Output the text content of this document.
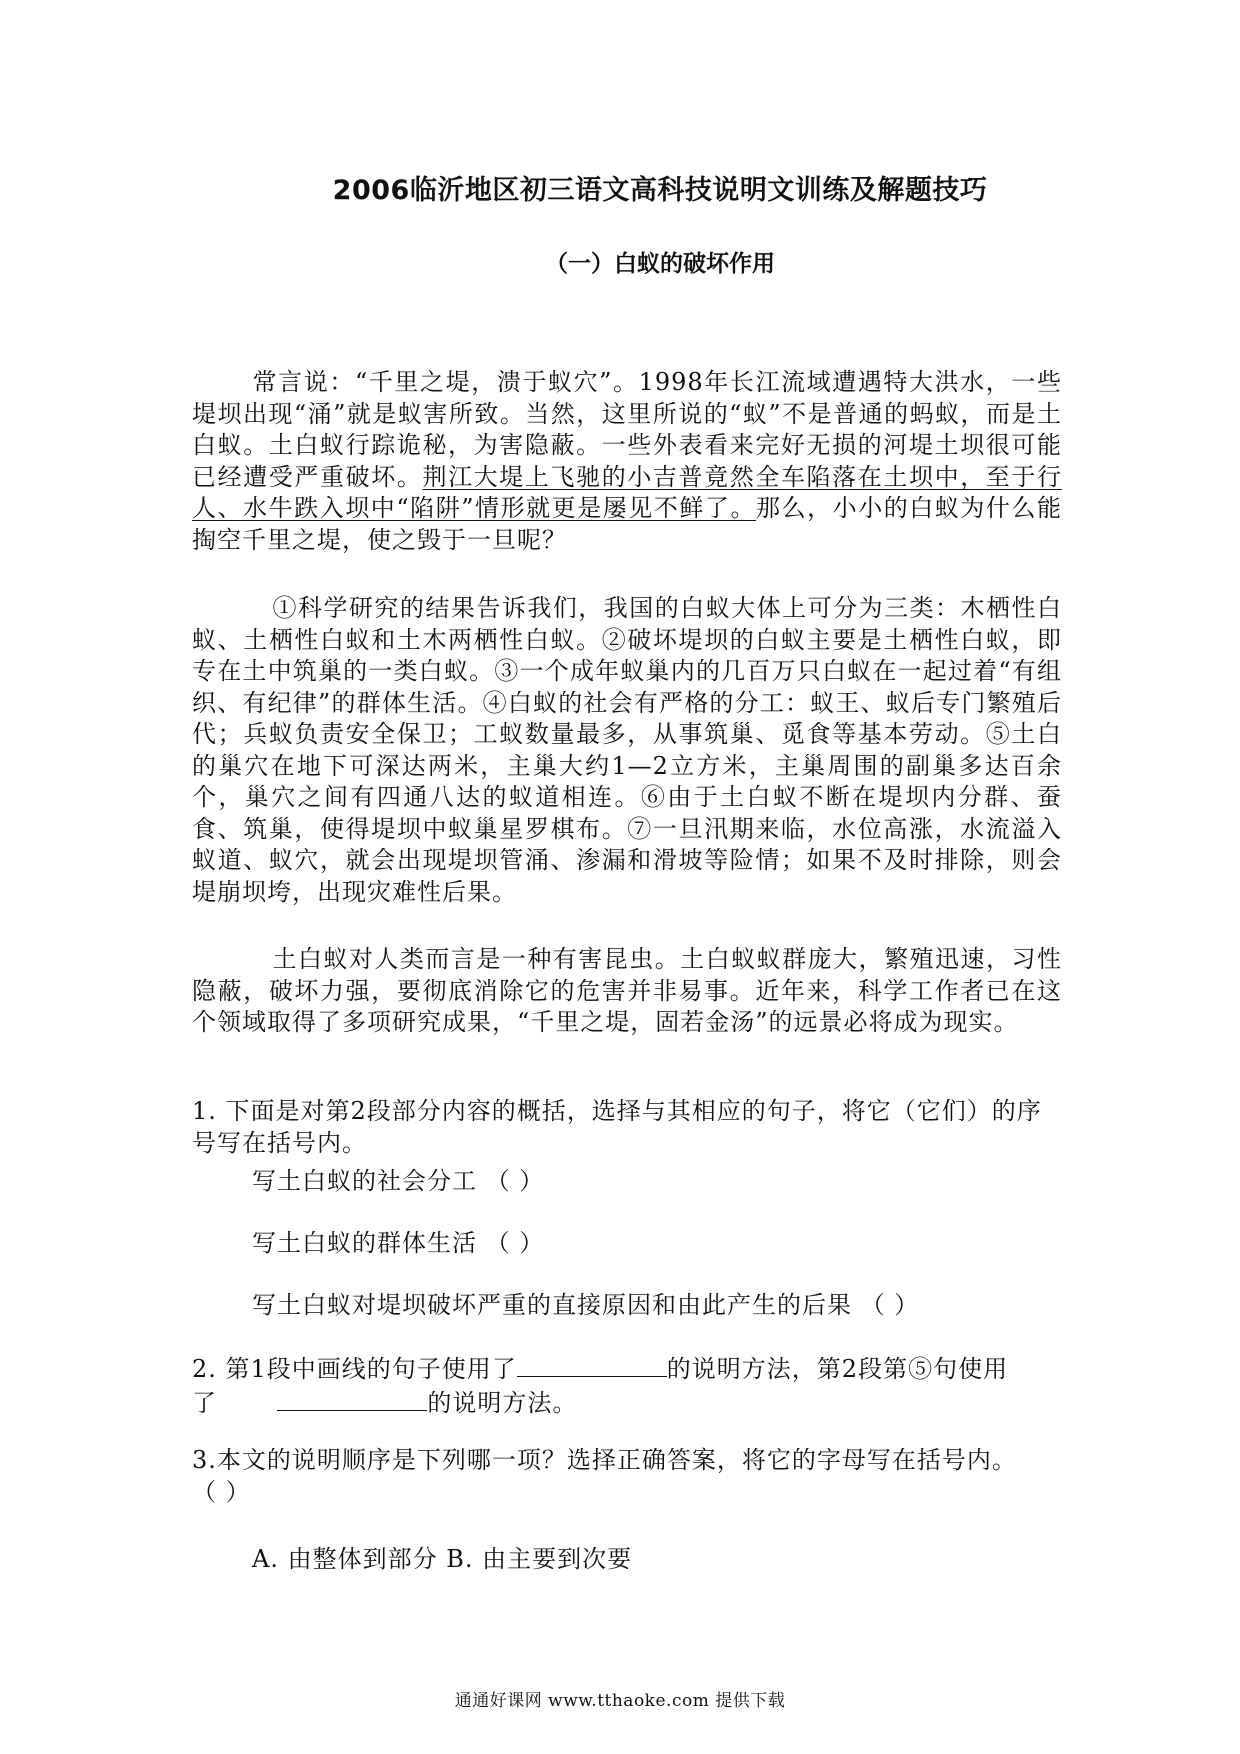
2006临沂地区初三语文高科技说明文训练及解题技巧
（一）白蚁的破坏作用

常言说：“千里之堤，溃于蚁穴”。1998年长江流域遭遇特大洪水，一些堤坝出现“涌”就是蚁害所致。当然，这里所说的“蚁”不是普通的蚂蚁，而是土白蚁。土白蚁行踪诡秘，为害隐蔽。一些外表看来完好无损的河堤土坝很可能已经遭受严重破坏。荆江大堤上飞驰的小吉普竟然全车陷落在土坝中，至于行人、水牛跌入坝中“陷阱”情形就更是屡见不鲜了。那么，小小的白蚁为什么能掏空千里之堤，使之毁于一旦呢？

①科学研究的结果告诉我们，我国的白蚁大体上可分为三类：木栖性白蚁、土栖性白蚁和土木两栖性白蚁。②破坏堤坝的白蚁主要是土栖性白蚁，即专在土中筑巢的一类白蚁。③一个成年蚁巢内的几百万只白蚁在一起过着“有组织、有纪律”的群体生活。④白蚁的社会有严格的分工：蚁王、蚁后专门繁殖后代；兵蚁负责安全保卫；工蚁数量最多，从事筑巢、觅食等基本劳动。⑤土白的巢穴在地下可深达两米，主巢大约1—2立方米，主巢周围的副巢多达百余个，巢穴之间有四通八达的蚁道相连。⑥由于土白蚁不断在堤坝内分群、蚕食、筑巢，使得堤坝中蚁巢星罗棋布。⑦一旦汛期来临，水位高涨，水流溢入蚁道、蚁穴，就会出现堤坝管涌、渗漏和滑坡等险情；如果不及时排除，则会堤崩坝垮，出现灾难性后果。

土白蚁对人类而言是一种有害昆虫。土白蚁蚁群庞大，繁殖迅速，习性隐蔽，破坏力强，要彻底消除它的危害并非易事。近年来，科学工作者已在这个领域取得了多项研究成果，“千里之堤，固若金汤”的远景必将成为现实。

1. 下面是对第2段部分内容的概括，选择与其相应的句子，将它（它们）的序号写在括号内。

写土白蚁的社会分工 （ ）

写土白蚁的群体生活 （ ）

写土白蚁对堤坝破坏严重的直接原因和由此产生的后果 （ ）

2. 第1段中画线的句子使用了	的说明方法，第2段第⑤句使用了	的说明方法。

3.本文的说明顺序是下列哪一项？选择正确答案，将它的字母写在括号内。
（ ）

A. 由整体到部分 B. 由主要到次要

通通好课网 www.tthaoke.com 提供下载
